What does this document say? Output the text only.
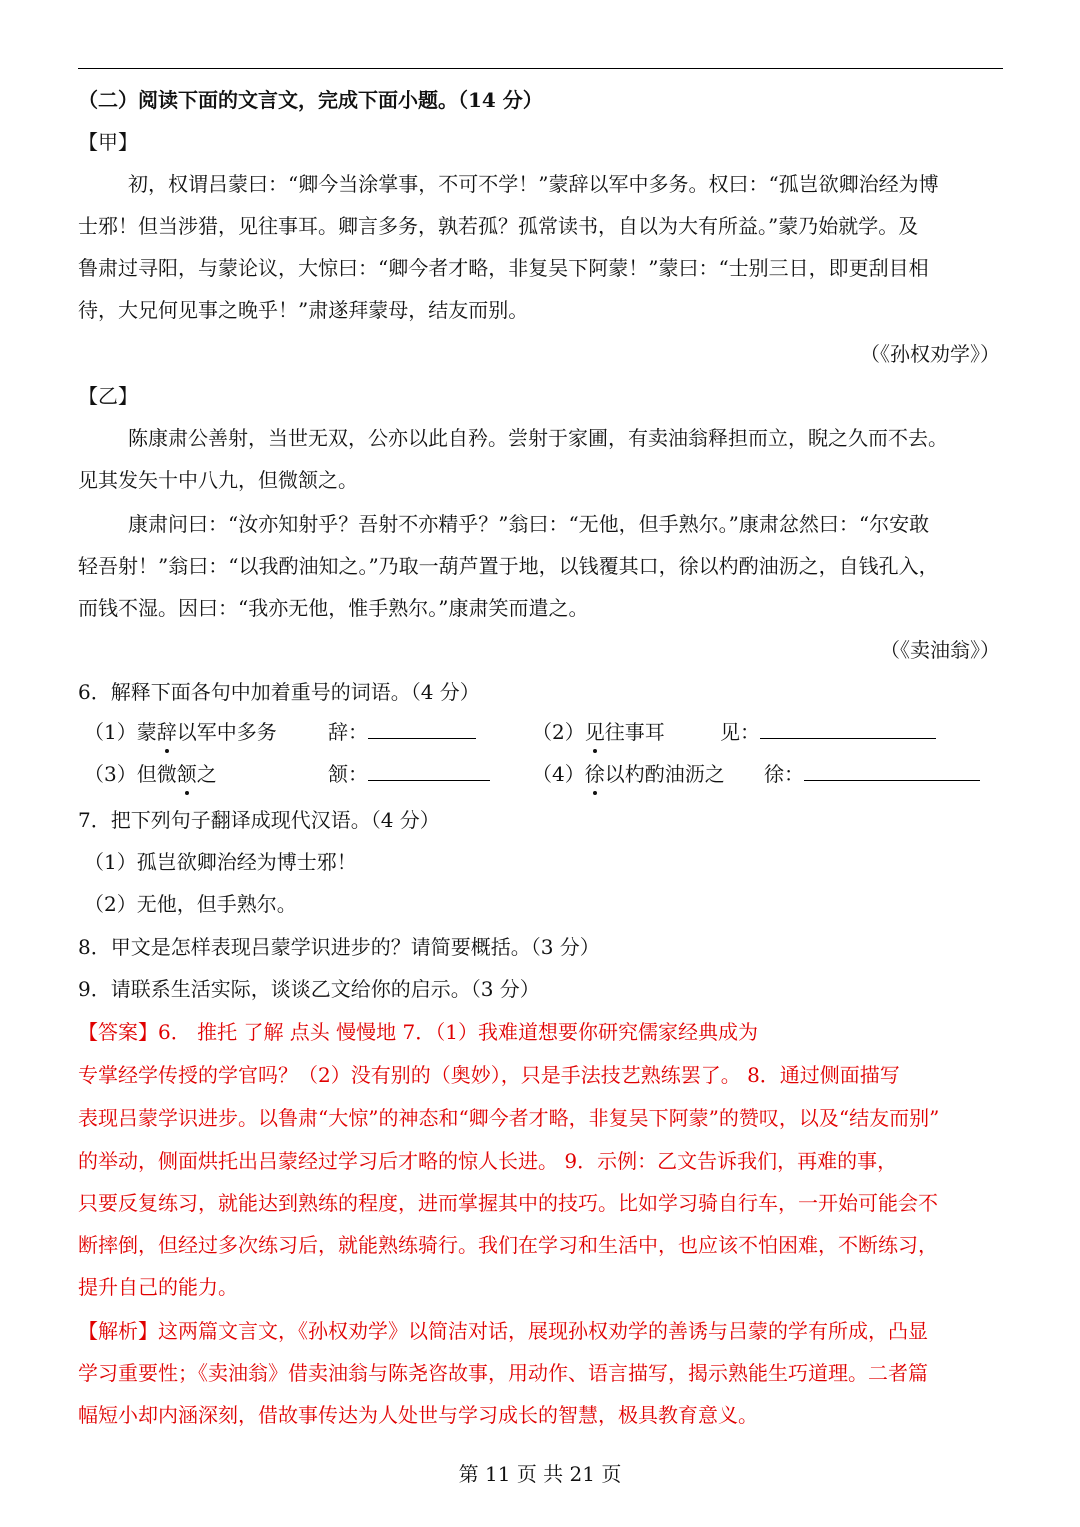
（二）阅读下面的文言文，完成下面小题。（14 分）
【甲】
初，权谓吕蒙曰：“卿今当涂掌事，不可不学！”蒙辞以军中多务。权曰：“孤岂欲卿治经为博
士邪！但当涉猎，见往事耳。卿言多务，孰若孤？孤常读书，自以为大有所益。”蒙乃始就学。及
鲁肃过寻阳，与蒙论议，大惊曰：“卿今者才略，非复吴下阿蒙！”蒙曰：“士别三日，即更刮目相
待，大兄何见事之晚乎！”肃遂拜蒙母，结友而别。
（《孙权劝学》）
【乙】
陈康肃公善射，当世无双，公亦以此自矜。尝射于家圃，有卖油翁释担而立，睨之久而不去。
见其发矢十中八九，但微颔之。
康肃问曰：“汝亦知射乎？吾射不亦精乎？”翁曰：“无他，但手熟尔。”康肃忿然曰：“尔安敢
轻吾射！”翁曰：“以我酌油知之。”乃取一葫芦置于地，以钱覆其口，徐以杓酌油沥之，自钱孔入，
而钱不湿。因曰：“我亦无他，惟手熟尔。”康肃笑而遣之。
（《卖油翁》）
6．解释下面各句中加着重号的词语。（4 分）
（1）蒙辞以军中多务	辞：	（2）见往事耳	见：
（3）但微颔之	颔：	（4）徐以杓酌油沥之 徐：
7．把下列句子翻译成现代汉语。（4 分）
（1）孤岂欲卿治经为博士邪！
（2）无他，但手熟尔。
8．甲文是怎样表现吕蒙学识进步的？请简要概括。（3 分）
9．请联系生活实际，谈谈乙文给你的启示。（3 分）
【答案】6． 推托 了解 点头 慢慢地 7．（1）我难道想要你研究儒家经典成为
专掌经学传授的学官吗？（2）没有别的（奥妙），只是手法技艺熟练罢了。 8．通过侧面描写
表现吕蒙学识进步。以鲁肃“大惊”的神态和“卿今者才略，非复吴下阿蒙”的赞叹，以及“结友而别”
的举动，侧面烘托出吕蒙经过学习后才略的惊人长进。 9．示例：乙文告诉我们，再难的事，
只要反复练习，就能达到熟练的程度，进而掌握其中的技巧。比如学习骑自行车，一开始可能会不
断摔倒，但经过多次练习后，就能熟练骑行。我们在学习和生活中，也应该不怕困难，不断练习，
提升自己的能力。
【解析】这两篇文言文，《孙权劝学》以简洁对话，展现孙权劝学的善诱与吕蒙的学有所成，凸显
学习重要性；《卖油翁》借卖油翁与陈尧咨故事，用动作、语言描写，揭示熟能生巧道理。二者篇
幅短小却内涵深刻，借故事传达为人处世与学习成长的智慧，极具教育意义。
第 11 页 共 21 页
